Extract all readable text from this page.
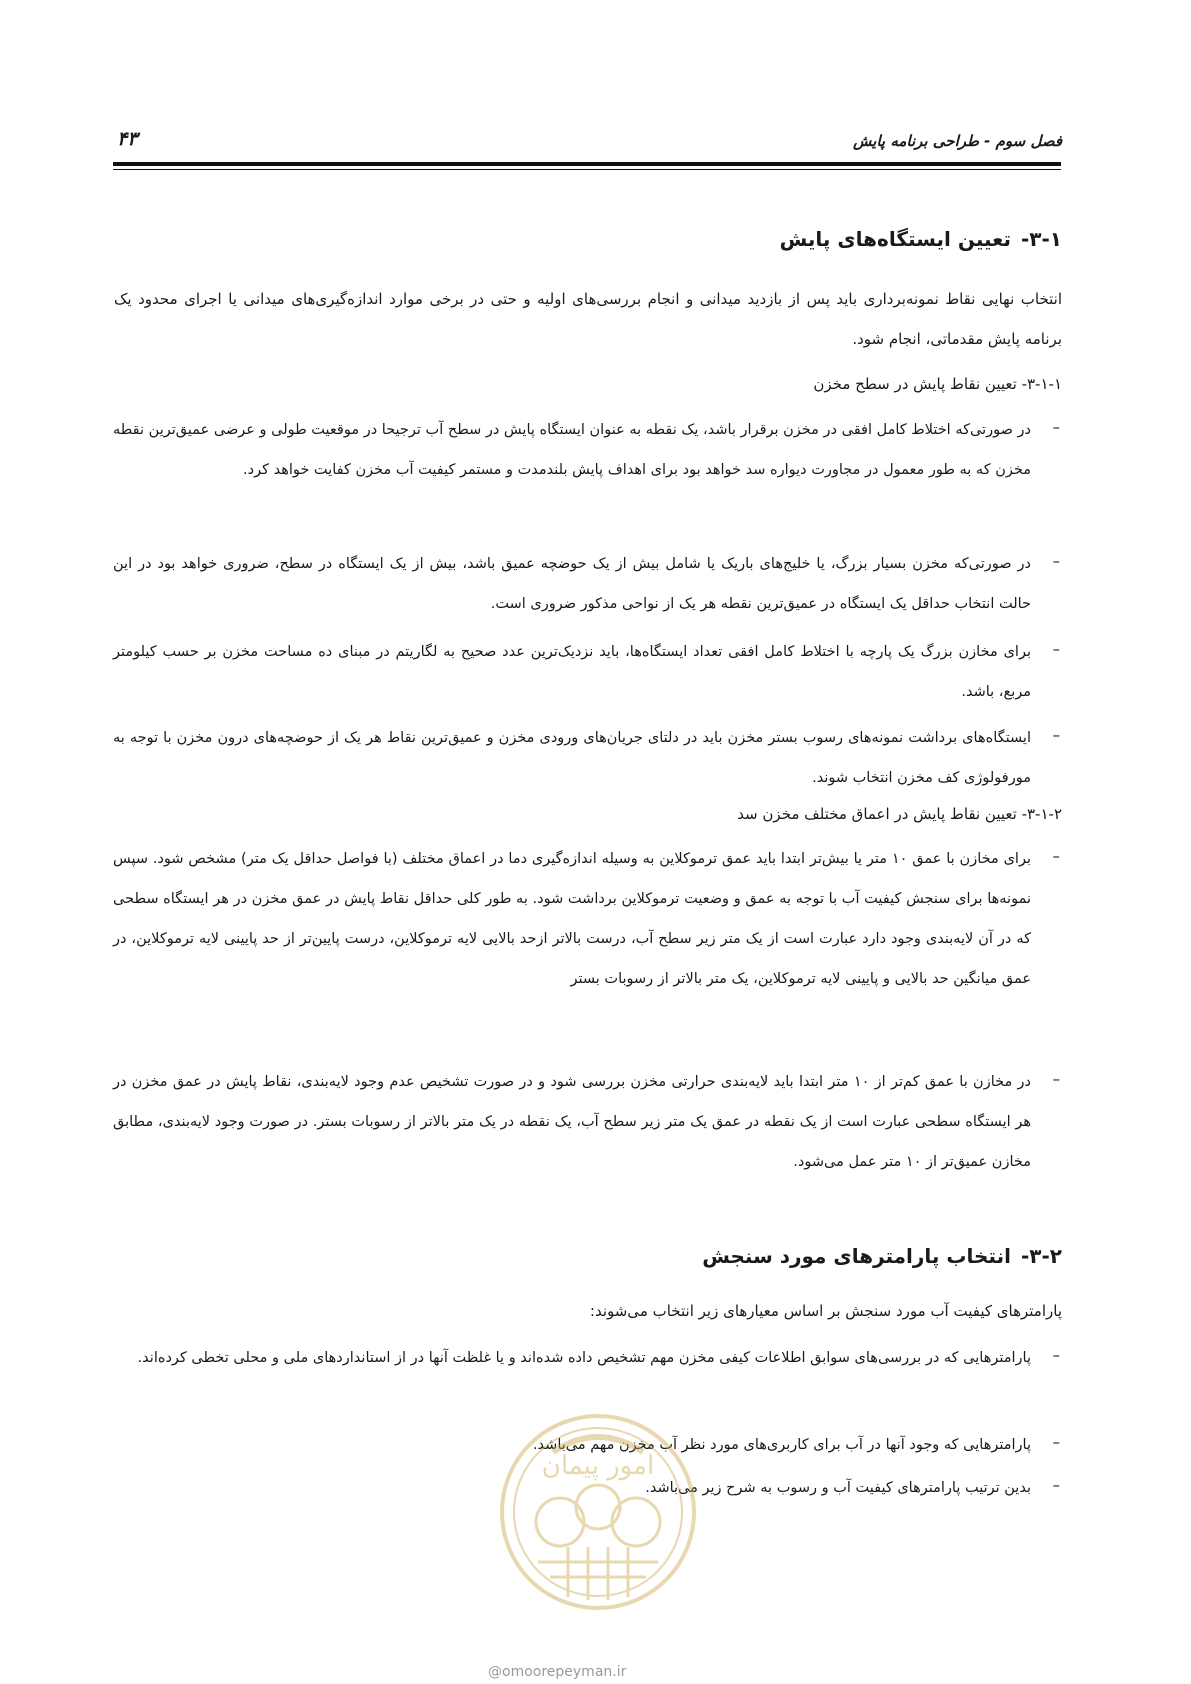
فصل سوم - طراحی برنامه پایش
۴۳
۳-۱-تعیین ایستگاه‌های پایش
انتخاب نهایی نقاط نمونه‌برداری باید پس از بازدید میدانی و انجام بررسی‌های اولیه و حتی در برخی موارد اندازه‌گیری‌های میدانی یا اجرای محدود یک برنامه پایش مقدماتی، انجام شود.
۳-۱-۱- تعیین نقاط پایش در سطح مخزن
–
در صورتی‌که اختلاط کامل افقی در مخزن برقرار باشد، یک نقطه به عنوان ایستگاه پایش در سطح آب ترجیحا در موقعیت طولی و عرضی عمیق‌ترین نقطه مخزن که به طور معمول در مجاورت دیواره سد خواهد بود برای اهداف پایش بلندمدت و مستمر کیفیت آب مخزن کفایت خواهد کرد.
–
در صورتی‌که مخزن بسیار بزرگ، یا خلیج‌های باریک یا شامل بیش از یک حوضچه عمیق باشد، بیش از یک ایستگاه در سطح، ضروری خواهد بود در این حالت انتخاب حداقل یک ایستگاه در عمیق‌ترین نقطه هر یک از نواحی مذکور ضروری است.
–
برای مخازن بزرگ یک پارچه با اختلاط کامل افقی تعداد ایستگاه‌ها، باید نزدیک‌ترین عدد صحیح به لگاریتم در مبنای ده مساحت مخزن بر حسب کیلومتر مربع، باشد.
–
ایستگاه‌های برداشت نمونه‌های رسوب بستر مخزن باید در دلتای جریان‌های ورودی مخزن و عمیق‌ترین نقاط هر یک از حوضچه‌های درون مخزن با توجه به مورفولوژی کف مخزن انتخاب شوند.
۳-۱-۲- تعیین نقاط پایش در اعماق مختلف مخزن سد
–
برای مخازن با عمق ۱۰ متر یا بیش‌تر ابتدا باید عمق ترموکلاین به وسیله اندازه‌گیری دما در اعماق مختلف (با فواصل حداقل یک متر) مشخص شود. سپس نمونه‌ها برای سنجش کیفیت آب با توجه به عمق و وضعیت ترموکلاین برداشت شود. به طور کلی حداقل نقاط پایش در عمق مخزن در هر ایستگاه سطحی که در آن لایه‌بندی وجود دارد عبارت است از یک متر زیر سطح آب، درست بالاتر ازحد بالایی لایه ترموکلاین، درست پایین‌تر از حد پایینی لایه ترموکلاین، در عمق میانگین حد بالایی و پایینی لایه ترموکلاین، یک متر بالاتر از رسوبات بستر
–
در مخازن با عمق کم‌تر از ۱۰ متر ابتدا باید لایه‌بندی حرارتی مخزن بررسی شود و در صورت تشخیص عدم وجود لایه‌بندی، نقاط پایش در عمق مخزن در هر ایستگاه سطحی عبارت است از یک نقطه در عمق یک متر زیر سطح آب، یک نقطه در یک متر بالاتر از رسوبات بستر. در صورت وجود لایه‌بندی، مطابق مخازن عمیق‌تر از ۱۰ متر عمل می‌شود.
۳-۲-انتخاب پارامترهای مورد سنجش
پارامترهای کیفیت آب مورد سنجش بر اساس معیارهای زیر انتخاب می‌شوند:
–
پارامترهایی که در بررسی‌های سوابق اطلاعات کیفی مخزن مهم تشخیص داده شده‌اند و یا غلظت آنها در از استانداردهای ملی و محلی تخطی کرده‌اند.
–
پارامترهایی که وجود آنها در آب برای کاربری‌های مورد نظر آب مخزن مهم می‌باشد.
–
بدین ترتیب پارامترهای کیفیت آب و رسوب به شرح زیر می‌باشد.
امور پیمان
@omoorepeyman.ir
